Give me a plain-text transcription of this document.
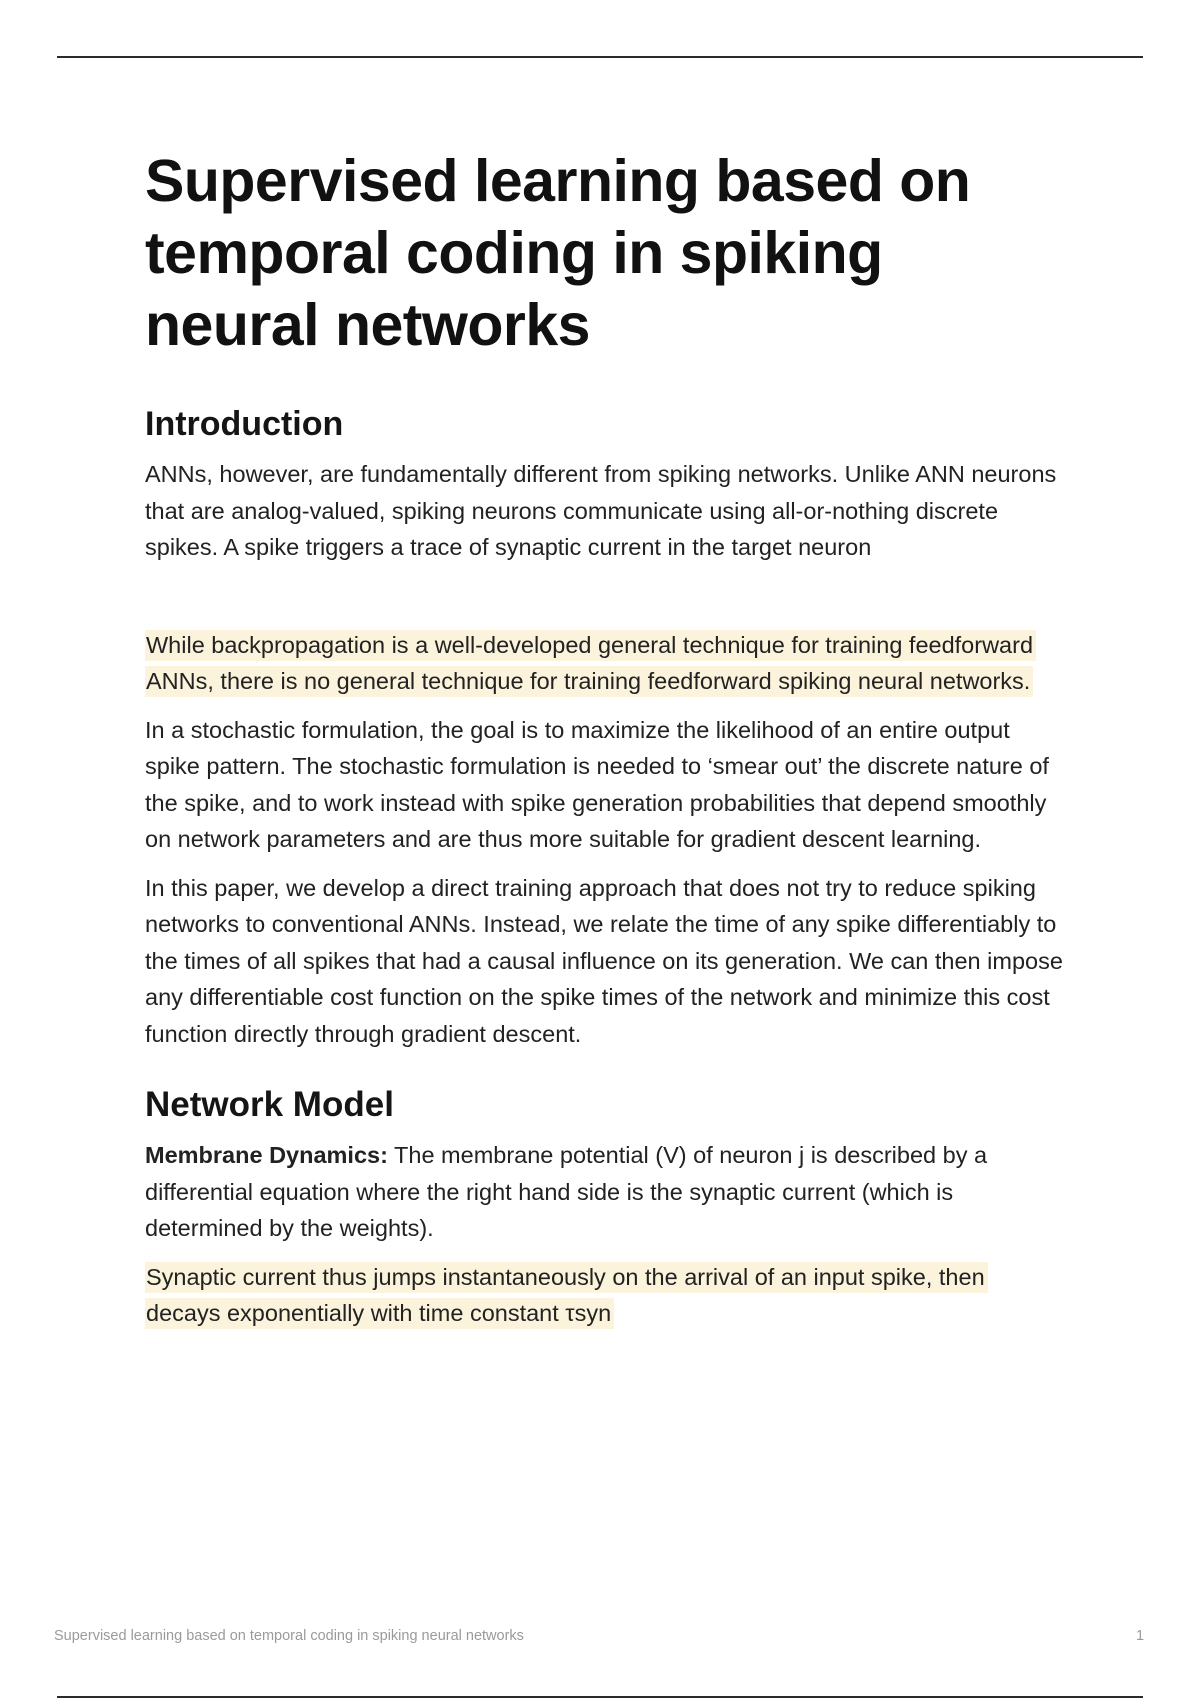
Supervised learning based on temporal coding in spiking neural networks
Introduction

ANNs, however, are fundamentally different from spiking networks. Unlike ANN neurons that are analog-valued, spiking neurons communicate using all-or-nothing discrete spikes. A spike triggers a trace of synaptic current in the target neuron

While backpropagation is a well-developed general technique for training feedforward ANNs, there is no general technique for training feedforward spiking neural networks.

In a stochastic formulation, the goal is to maximize the likelihood of an entire output spike pattern. The stochastic formulation is needed to ‘smear out’ the discrete nature of the spike, and to work instead with spike generation probabilities that depend smoothly on network parameters and are thus more suitable for gradient descent learning.

In this paper, we develop a direct training approach that does not try to reduce spiking networks to conventional ANNs. Instead, we relate the time of any spike differentiably to the times of all spikes that had a causal influence on its generation. We can then impose any differentiable cost function on the spike times of the network and minimize this cost function directly through gradient descent.

Network Model

Membrane Dynamics: The membrane potential (V) of neuron j is described by a differential equation where the right hand side is the synaptic current (which is determined by the weights).

Synaptic current thus jumps instantaneously on the arrival of an input spike, then decays exponentially with time constant τsyn

Supervised learning based on temporal coding in spiking neural networks	1
